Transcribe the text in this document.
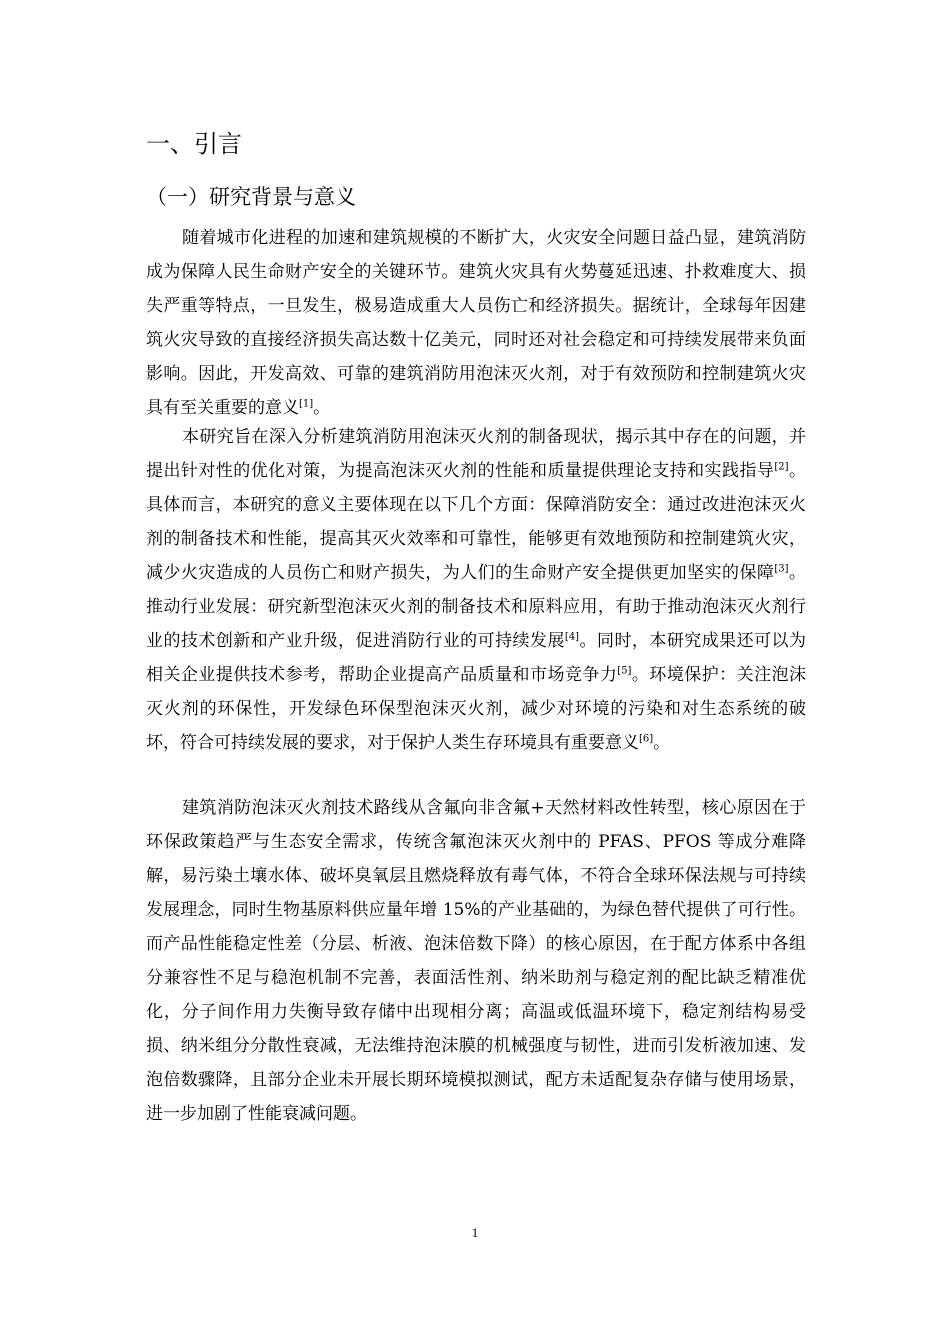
一、引言
（一）研究背景与意义

随着城市化进程的加速和建筑规模的不断扩大，火灾安全问题日益凸显，建筑消防成为保障人民生命财产安全的关键环节。建筑火灾具有火势蔓延迅速、扑救难度大、损失严重等特点，一旦发生，极易造成重大人员伤亡和经济损失。据统计，全球每年因建筑火灾导致的直接经济损失高达数十亿美元，同时还对社会稳定和可持续发展带来负面影响。因此，开发高效、可靠的建筑消防用泡沫灭火剂，对于有效预防和控制建筑火灾具有至关重要的意义[1]。

本研究旨在深入分析建筑消防用泡沫灭火剂的制备现状，揭示其中存在的问题，并提出针对性的优化对策，为提高泡沫灭火剂的性能和质量提供理论支持和实践指导[2]。具体而言，本研究的意义主要体现在以下几个方面：保障消防安全：通过改进泡沫灭火剂的制备技术和性能，提高其灭火效率和可靠性，能够更有效地预防和控制建筑火灾，减少火灾造成的人员伤亡和财产损失，为人们的生命财产安全提供更加坚实的保障[3]。推动行业发展：研究新型泡沫灭火剂的制备技术和原料应用，有助于推动泡沫灭火剂行业的技术创新和产业升级，促进消防行业的可持续发展[4]。同时，本研究成果还可以为相关企业提供技术参考，帮助企业提高产品质量和市场竞争力[5]。环境保护：关注泡沫灭火剂的环保性，开发绿色环保型泡沫灭火剂，减少对环境的污染和对生态系统的破坏，符合可持续发展的要求，对于保护人类生存环境具有重要意义[6]。

建筑消防泡沫灭火剂技术路线从含氟向非含氟+天然材料改性转型，核心原因在于环保政策趋严与生态安全需求，传统含氟泡沫灭火剂中的 PFAS、PFOS 等成分难降解，易污染土壤水体、破坏臭氧层且燃烧释放有毒气体，不符合全球环保法规与可持续发展理念，同时生物基原料供应量年增 15%的产业基础的，为绿色替代提供了可行性。而产品性能稳定性差（分层、析液、泡沫倍数下降）的核心原因，在于配方体系中各组分兼容性不足与稳泡机制不完善，表面活性剂、纳米助剂与稳定剂的配比缺乏精准优化，分子间作用力失衡导致存储中出现相分离；高温或低温环境下，稳定剂结构易受损、纳米组分分散性衰减，无法维持泡沫膜的机械强度与韧性，进而引发析液加速、发泡倍数骤降，且部分企业未开展长期环境模拟测试，配方未适配复杂存储与使用场景，进一步加剧了性能衰减问题。

1
